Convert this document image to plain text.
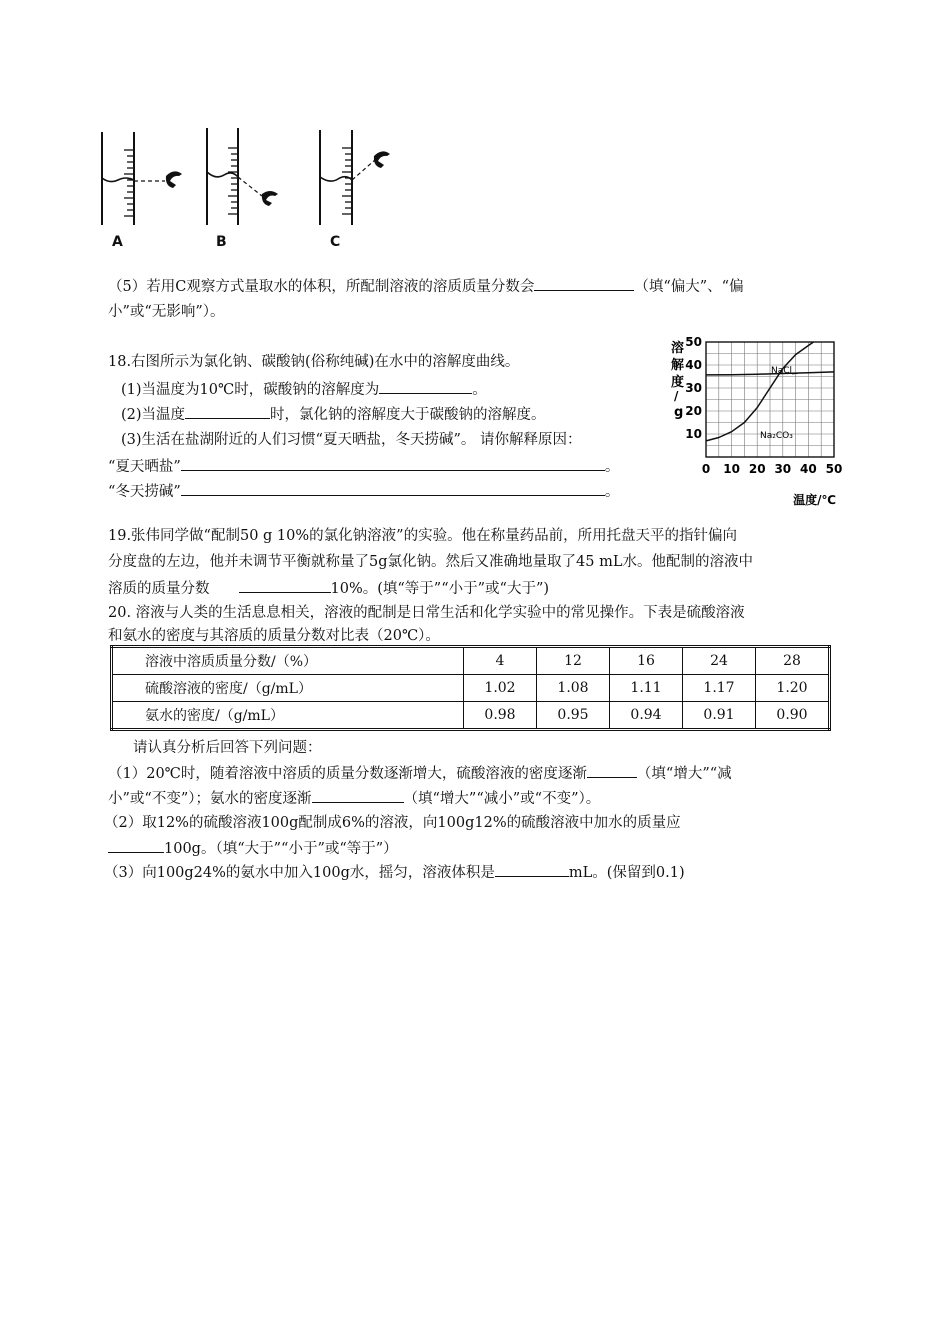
A	B	C
（5）若用C观察方式量取水的体积，所配制溶液的溶质质量分数会	（填“偏大”、“偏
小”或“无影响”）。
18.右图所示为氯化钠、碳酸钠(俗称纯碱)在水中的溶解度曲线。
(1)当温度为10℃时，碳酸钠的溶解度为	。
(2)当温度	时，氯化钠的溶解度大于碳酸钠的溶解度。
(3)生活在盐湖附近的人们习惯“夏天晒盐，冬天捞碱”。 请你解释原因：
“夏天晒盐”	。
“冬天捞碱”	。
0 10 20 30 40 50
10
20
30
40
50
溶
解
度
/
g
温度/℃
NaCl
Na₂CO₃
19.张伟同学做“配制50 g 10%的氯化钠溶液”的实验。他在称量药品前，所用托盘天平的指针偏向
分度盘的左边，他并未调节平衡就称量了5g氯化钠。然后又准确地量取了45 mL水。他配制的溶液中
溶质的质量分数　　	10%。(填“等于”“小于”或“大于”)
20. 溶液与人类的生活息息相关，溶液的配制是日常生活和化学实验中的常见操作。下表是硫酸溶液
和氨水的密度与其溶质的质量分数对比表（20℃）。
溶液中溶质质量分数/（%）	4	12	16	24	28
硫酸溶液的密度/（g/mL）	1.02	1.08	1.11	1.17	1.20
氨水的密度/（g/mL）	0.98	0.95	0.94	0.91	0.90
请认真分析后回答下列问题：
（1）20℃时，随着溶液中溶质的质量分数逐渐增大，硫酸溶液的密度逐渐	（填“增大”“减
小”或“不变”）；氨水的密度逐渐	（填“增大”“减小”或“不变”）。
（2）取12%的硫酸溶液100g配制成6%的溶液，向100g12%的硫酸溶液中加水的质量应
100g。（填“大于”“小于”或“等于”）
（3）向100g24%的氨水中加入100g水，摇匀，溶液体积是	mL。(保留到0.1)
